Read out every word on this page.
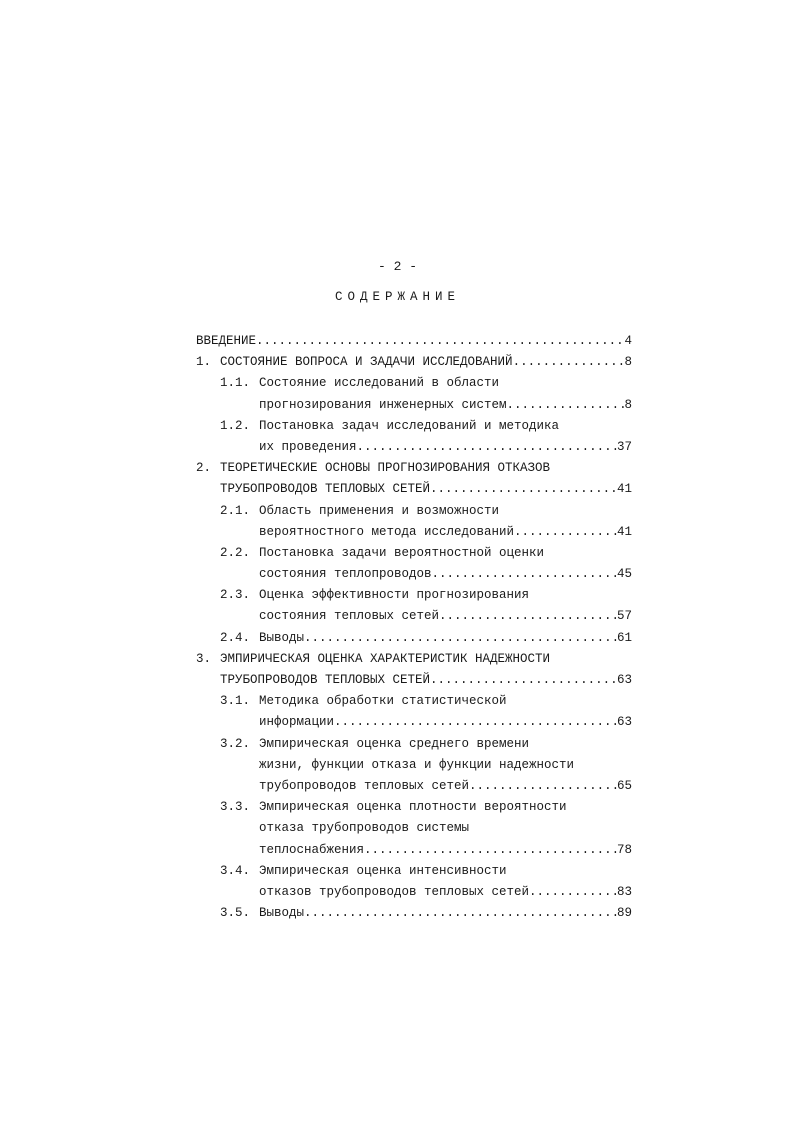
- 2 -
СОДЕРЖАНИЕ
ВВЕДЕНИЕ .....	4
1. СОСТОЯНИЕ ВОПРОСА И ЗАДАЧИ ИССЛЕДОВАНИЙ .....	8
1.1. Состояние исследований в области
прогнозирования инженерных систем .....	8
1.2. Постановка задач исследований и методика
их проведения .....	37
2. ТЕОРЕТИЧЕСКИЕ ОСНОВЫ ПРОГНОЗИРОВАНИЯ ОТКАЗОВ
ТРУБОПРОВОДОВ ТЕПЛОВЫХ СЕТЕЙ .....	41
2.1. Область применения и возможности
вероятностного метода исследований .....	41
2.2. Постановка задачи вероятностной оценки
состояния теплопроводов .....	45
2.3. Оценка эффективности прогнозирования
состояния тепловых сетей .....	57
2.4. Выводы .....	61
3. ЭМПИРИЧЕСКАЯ ОЦЕНКА ХАРАКТЕРИСТИК НАДЕЖНОСТИ
ТРУБОПРОВОДОВ ТЕПЛОВЫХ СЕТЕЙ .....	63
3.1. Методика обработки статистической
информации .....	63
3.2. Эмпирическая оценка среднего времени
жизни, функции отказа и функции надежности
трубопроводов тепловых сетей .....	65
3.3. Эмпирическая оценка плотности вероятности
отказа трубопроводов системы
теплоснабжения .....	78
3.4. Эмпирическая оценка интенсивности
отказов трубопроводов тепловых сетей .....	83
3.5. Выводы .....	89
